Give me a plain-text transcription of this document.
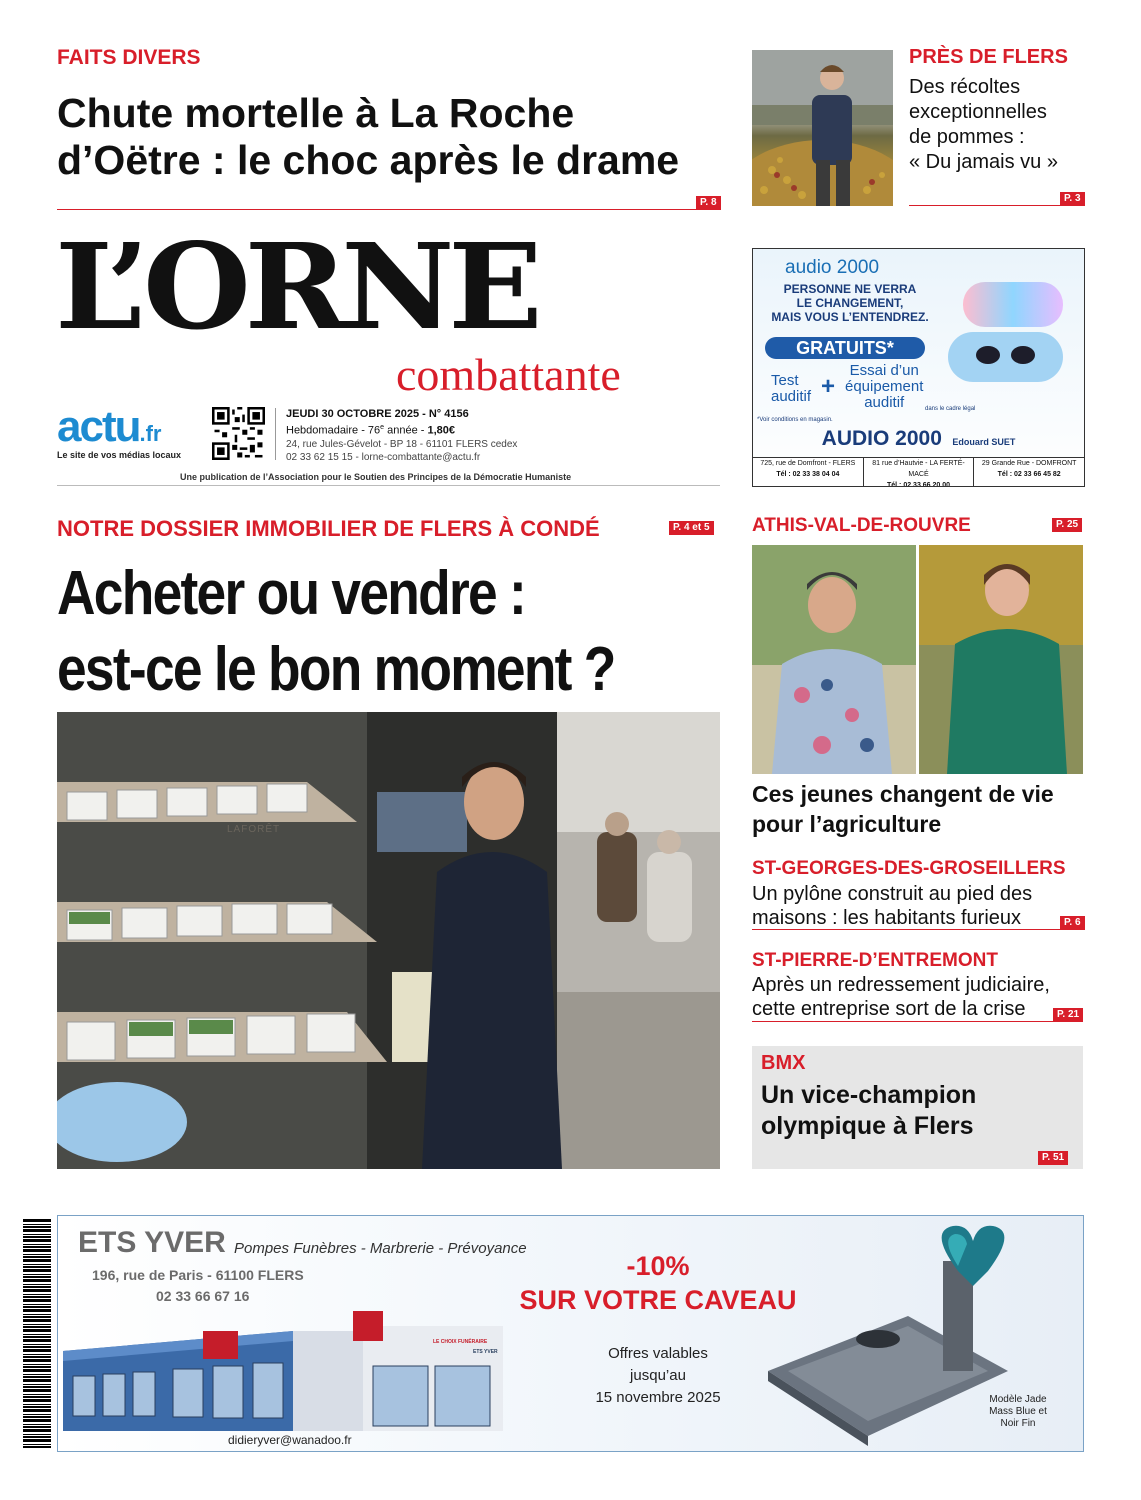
FAITS DIVERS
Chute mortelle à La Roche
d’Oëtre : le choc après le drame
P. 8
PRÈS DE FLERS
Des récoltes
exceptionnelles
de pommes :
« Du jamais vu »
P. 3
L’ORNE
combattante
actu.fr
Le site de vos médias locaux
JEUDI 30 OCTOBRE 2025 - N° 4156
Hebdomadaire - 76e année - 1,80€
24, rue Jules-Gévelot - BP 18 - 61101 FLERS cedex
02 33 62 15 15 - lorne-combattante@actu.fr
Une publication de l’Association pour le Soutien des Principes de la Démocratie Humaniste
audio 2000
PERSONNE NE VERRA
LE CHANGEMENT,
MAIS VOUS L’ENTENDREZ.
GRATUITS*
Test
auditif +
Essai d’un
équipement
auditif	dans le cadre légal
*Voir conditions en magasin.
AUDIO 2000 Edouard SUET
725, rue de Domfront - FLERS
Tél : 02 33 38 04 04
81 rue d’Hautvie - LA FERTÉ-MACÉ
Tél : 02 33 66 20 00
29 Grande Rue - DOMFRONT
Tél : 02 33 66 45 82
NOTRE DOSSIER IMMOBILIER DE FLERS À CONDÉ	P. 4 et 5
Acheter ou vendre :
est-ce le bon moment ?
LAFORÊT
ATHIS-VAL-DE-ROUVRE	P. 25
Ces jeunes changent de vie
pour l’agriculture
ST-GEORGES-DES-GROSEILLERS
Un pylône construit au pied des
maisons : les habitants furieux	P. 6
ST-PIERRE-D’ENTREMONT
Après un redressement judiciaire,
cette entreprise sort de la crise	P. 21
BMX
Un vice-champion
olympique à Flers
P. 51
ETS YVER Pompes Funèbres - Marbrerie - Prévoyance
196, rue de Paris - 61100 FLERS
02 33 66 67 16
-10%
SUR VOTRE CAVEAU
Offres valables
jusqu’au
15 novembre 2025
LE CHOIX FUNÉRAIRE
ETS YVER
didieryver@wanadoo.fr
Modèle Jade
Mass Blue et
Noir Fin
